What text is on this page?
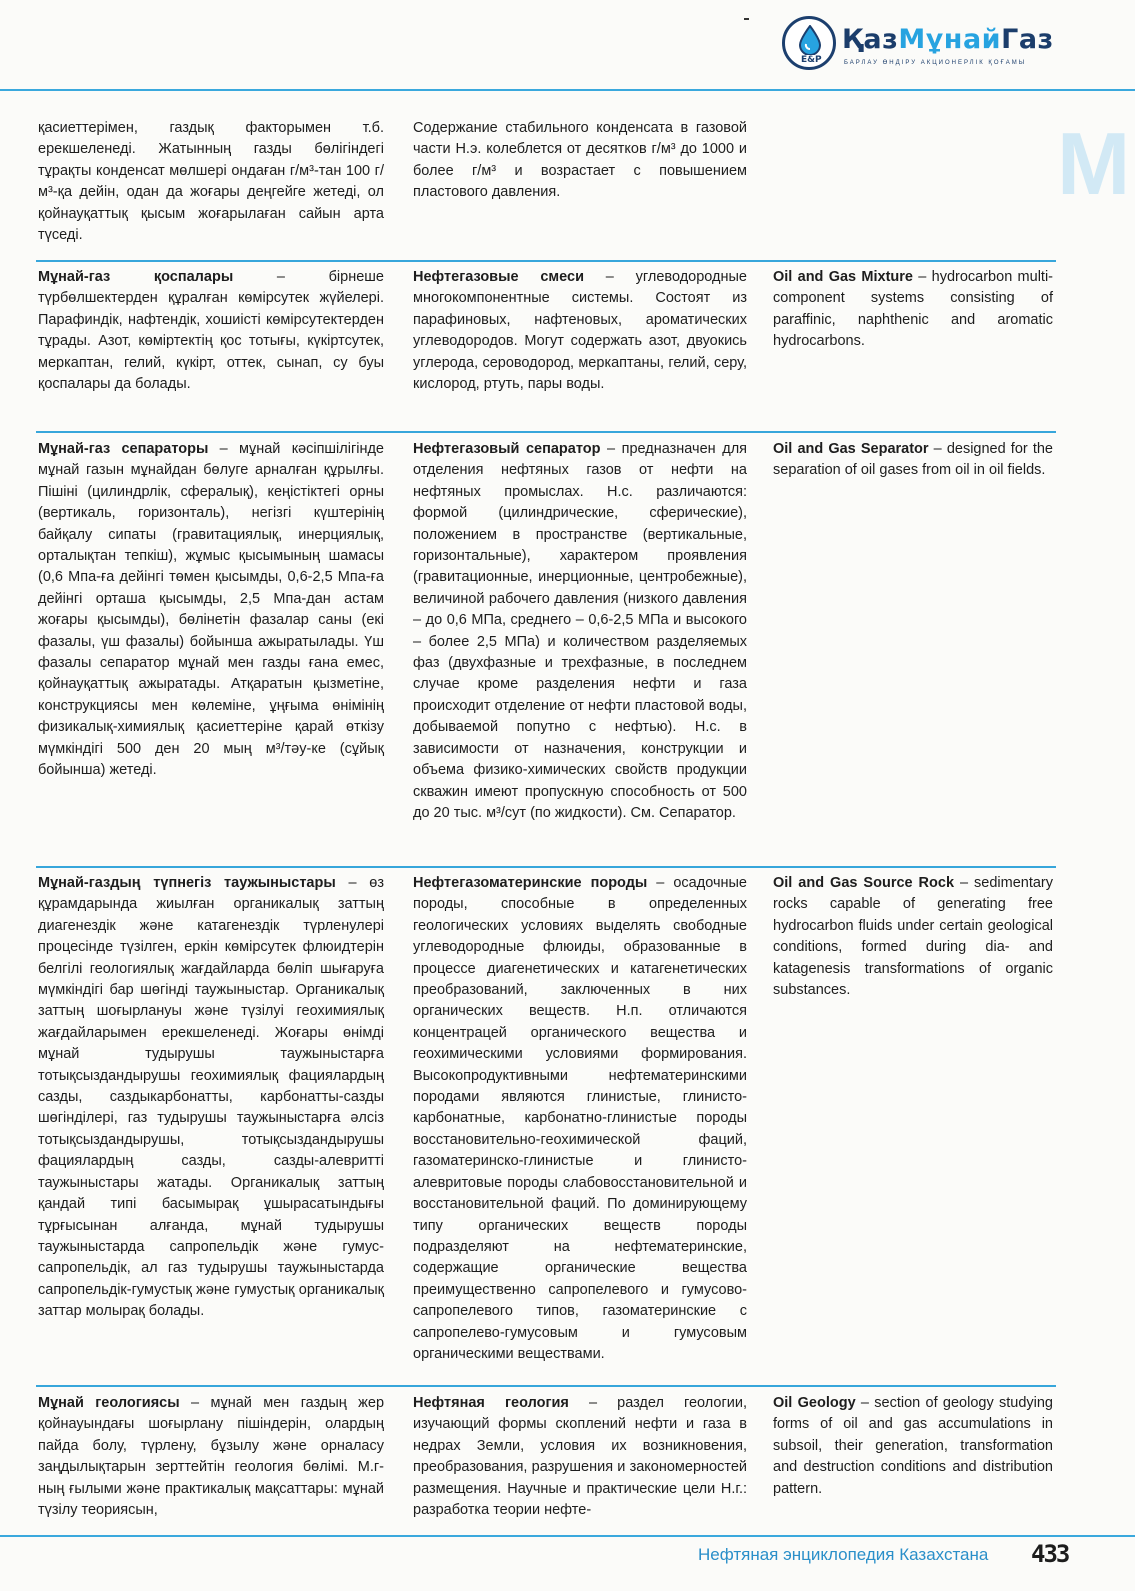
E&P
ҚазМұнайГаз
БАРЛАУ ӨНДІРУ АКЦИОНЕРЛІК ҚОҒАМЫ
М

қасиеттерімен, газдық факторымен т.б. ерекшеленеді. Жатынның газды бөлігіндегі тұрақты конденсат мөлшері ондаған г/м³-тан 100 г/м³-қа дейін, одан да жоғары деңгейге жетеді, ол қойнауқаттық қысым жоғарылаған сайын арта түседі.

Содержание стабильного конденсата в газовой части Н.э. колеблется от десятков г/м³ до 1000 и более г/м³ и возрастает с повышением пластового давления.

Мұнай-газ қоспалары – бірнеше түрбөлшектерден құралған көмірсутек жүйелері. Парафиндік, нафтендік, хошиісті көмірсутектерден тұрады. Азот, көміртектің қос тотығы, күкіртсутек, меркаптан, гелий, күкірт, оттек, сынап, су буы қоспалары да болады.

Нефтегазовые смеси – углеводородные многокомпонентные системы. Состоят из парафиновых, нафтеновых, ароматических углеводородов. Могут содержать азот, двуокись углерода, сероводород, меркаптаны, гелий, серу, кислород, ртуть, пары воды.

Oil and Gas Mixture – hydrocarbon multi-component systems consisting of paraffinic, naphthenic and aromatic hydrocarbons.

Мұнай-газ сепараторы – мұнай кәсіпшілігінде мұнай газын мұнайдан бөлуге арналған құрылғы. Пішіні (цилиндрлік, сфералық), кеңістіктегі орны (вертикаль, горизонталь), негізгі күштерінің байқалу сипаты (гравитациялық, инерциялық, орталықтан тепкіш), жұмыс қысымының шамасы (0,6 Мпа-ға дейінгі төмен қысымды, 0,6-2,5 Мпа-ға дейінгі орташа қысымды, 2,5 Мпа-дан астам жоғары қысымды), бөлінетін фазалар саны (екі фазалы, үш фазалы) бойынша ажыратылады. Үш фазалы сепаратор мұнай мен газды ғана емес, қойнауқаттық ажыратады. Атқаратын қызметіне, конструкциясы мен көлеміне, ұңғыма өнімінің физикалық-химиялық қасиеттеріне қарай өткізу мүмкіндігі 500 ден 20 мың м³/тәу-ке (сұйық бойынша) жетеді.

Нефтегазовый сепаратор – предназначен для отделения нефтяных газов от нефти на нефтяных промыслах. Н.с. различаются: формой (цилиндрические, сферические), положением в пространстве (вертикальные, горизонтальные), характером проявления (гравитационные, инерционные, центробежные), величиной рабочего давления (низкого давления – до 0,6 МПа, среднего – 0,6-2,5 МПа и высокого – более 2,5 МПа) и количеством разделяемых фаз (двухфазные и трехфазные, в последнем случае кроме разделения нефти и газа происходит отделение от нефти пластовой воды, добываемой попутно с нефтью). Н.с. в зависимости от назначения, конструкции и объема физико-химических свойств продукции скважин имеют пропускную способность от 500 до 20 тыс. м³/сут (по жидкости). См. Сепаратор.

Oil and Gas Separator – designed for the separation of oil gases from oil in oil fields.

Мұнай-газдың түпнегіз таужыныстары – өз құрамдарында жиылған органикалық заттың диагенездік және катагенездік түрленулері процесінде түзілген, еркін көмірсутек флюидтерін белгілі геологиялық жағдайларда бөліп шығаруға мүмкіндігі бар шөгінді таужыныстар. Органикалық заттың шоғырлануы және түзілуі геохимиялық жағдайларымен ерекшеленеді. Жоғары өнімді мұнай тудырушы таужыныстарға тотықсыздандырушы геохимиялық фациялардың сазды, саздыкарбонатты, карбонатты-сазды шөгінділері, газ тудырушы таужыныстарға әлсіз тотықсыздандырушы, тотықсыздандырушы фациялардың сазды, сазды-алевритті таужыныстары жатады. Органикалық заттың қандай типі басымырақ ұшырасатындығы тұрғысынан алғанда, мұнай тудырушы таужыныстарда сапропельдік және гумус-сапропельдік, ал газ тудырушы таужыныстарда сапропельдік-гумустық және гумустық органикалық заттар молырақ болады.

Нефтегазоматеринские породы – осадочные породы, способные в определенных геологических условиях выделять свободные углеводородные флюиды, образованные в процессе диагенетических и катагенетических преобразований, заключенных в них органических веществ. Н.п. отличаются концентрацей органического вещества и геохимическими условиями формирования. Высокопродуктивными нефтематеринскими породами являются глинистые, глинисто-карбонатные, карбонатно-глинистые породы восстановительно-геохимической фаций, газоматеринско-глинистые и глинисто-алевритовые породы слабовосстановительной и восстановительной фаций. По доминирующему типу органических веществ породы подразделяют на нефтематеринские, содержащие органические вещества преимущественно сапропелевого и гумусово-сапропелевого типов, газоматеринские с сапропелево-гумусовым и гумусовым органическими веществами.

Oil and Gas Source Rock – sedimentary rocks capable of generating free hydrocarbon fluids under certain geological conditions, formed during dia- and katagenesis transformations of organic substances.

Мұнай геологиясы – мұнай мен газдың жер қойнауындағы шоғырлану пішіндерін, олардың пайда болу, түрлену, бұзылу және орналасу заңдылықтарын зерттейтін геология бөлімі. М.г-ның ғылыми және практикалық мақсаттары: мұнай түзілу теориясын,

Нефтяная геология – раздел геологии, изучающий формы скоплений нефти и газа в недрах Земли, условия их возникновения, преобразования, разрушения и закономерностей размещения. Научные и практические цели Н.г.: разработка теории нефте-

Oil Geology – section of geology studying forms of oil and gas accumulations in subsoil, their generation, transformation and destruction conditions and distribution pattern.

Нефтяная энциклопедия Казахстана 433
